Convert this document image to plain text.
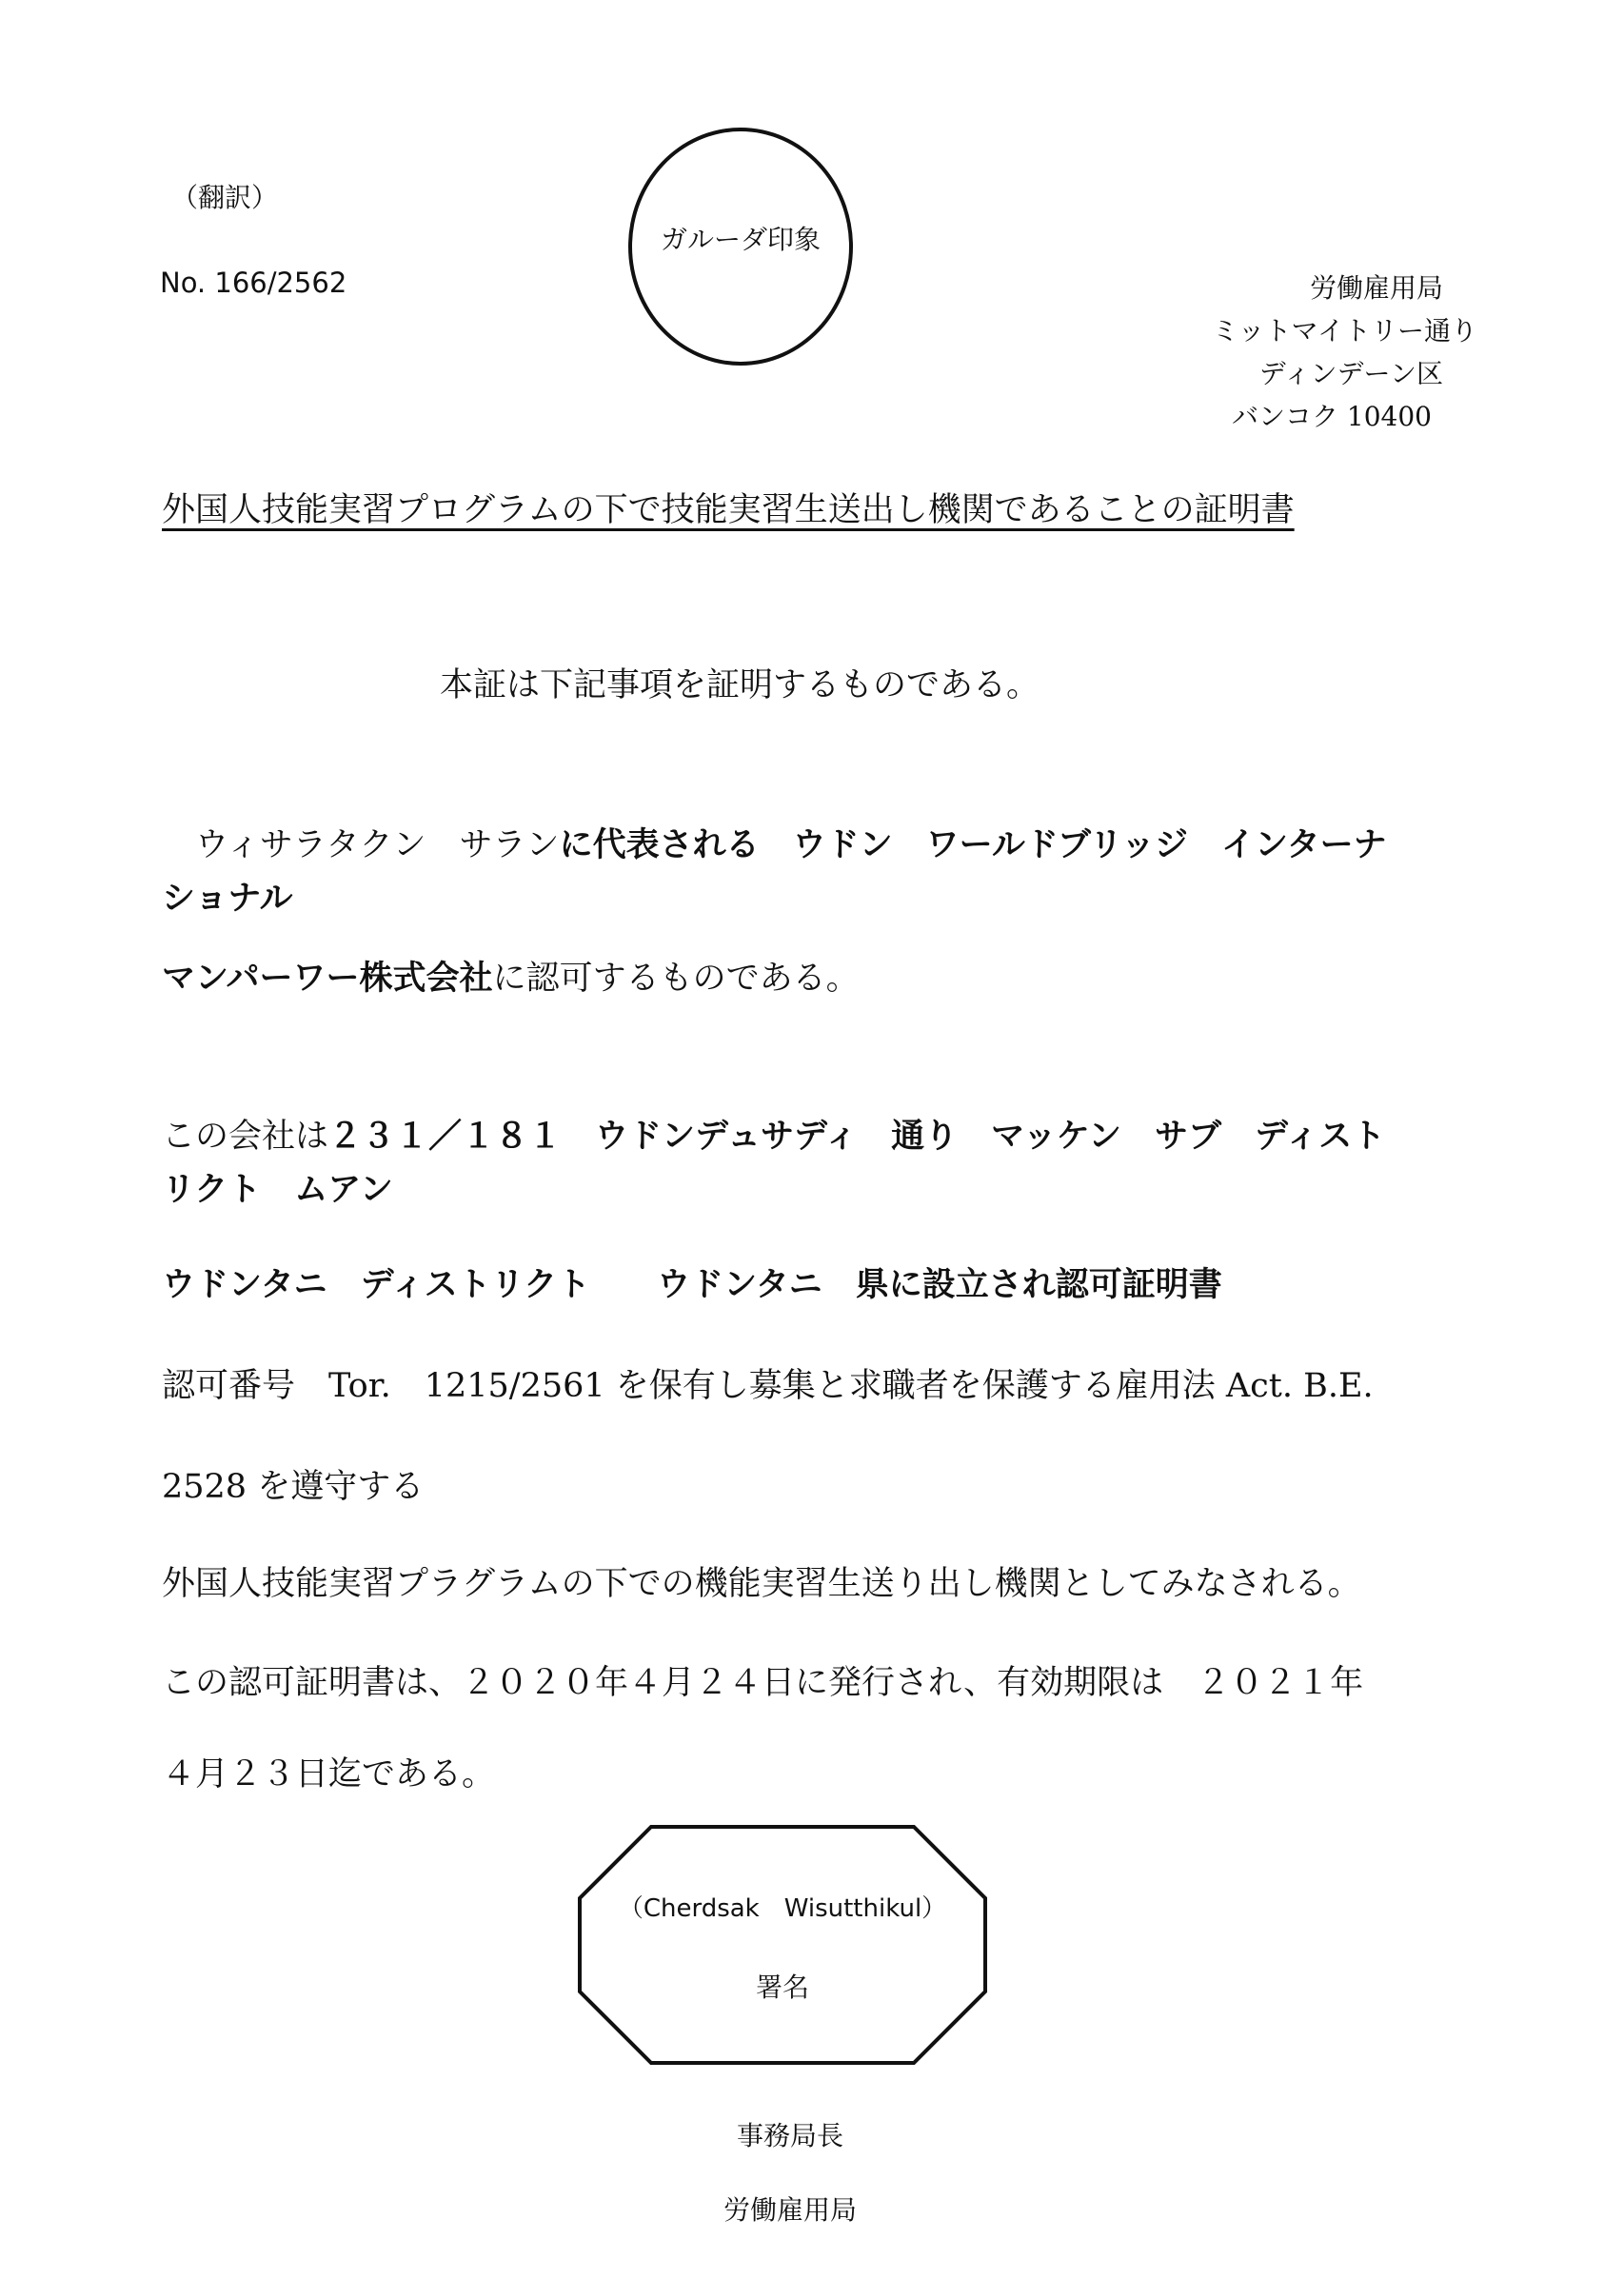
（翻訳）
No. 166/2562
ガルーダ印象
労働雇用局
ミットマイトリー通り
ディンデーン区
バンコク 10400
外国人技能実習プログラムの下で技能実習生送出し機関であることの証明書
本証は下記事項を証明するものである。
ウィサラタクン　サランに代表される　ウドン　ワールドブリッジ　インターナ
ショナル
マンパーワー株式会社に認可するものである。
この会社は２３１／１８１　ウドンデュサディ　通り　マッケン　サブ　ディスト
リクト　ムアン
ウドンタニ　ディストリクト　　ウドンタニ　県に設立され認可証明書
認可番号　Tor.　1215/2561 を保有し募集と求職者を保護する雇用法 Act. B.E.
2528 を遵守する
外国人技能実習プラグラムの下での機能実習生送り出し機関としてみなされる。
この認可証明書は、２０２０年４月２４日に発行され、有効期限は　２０２１年
４月２３日迄である。
（Cherdsak　Wisutthikul）
署名
事務局長
労働雇用局
